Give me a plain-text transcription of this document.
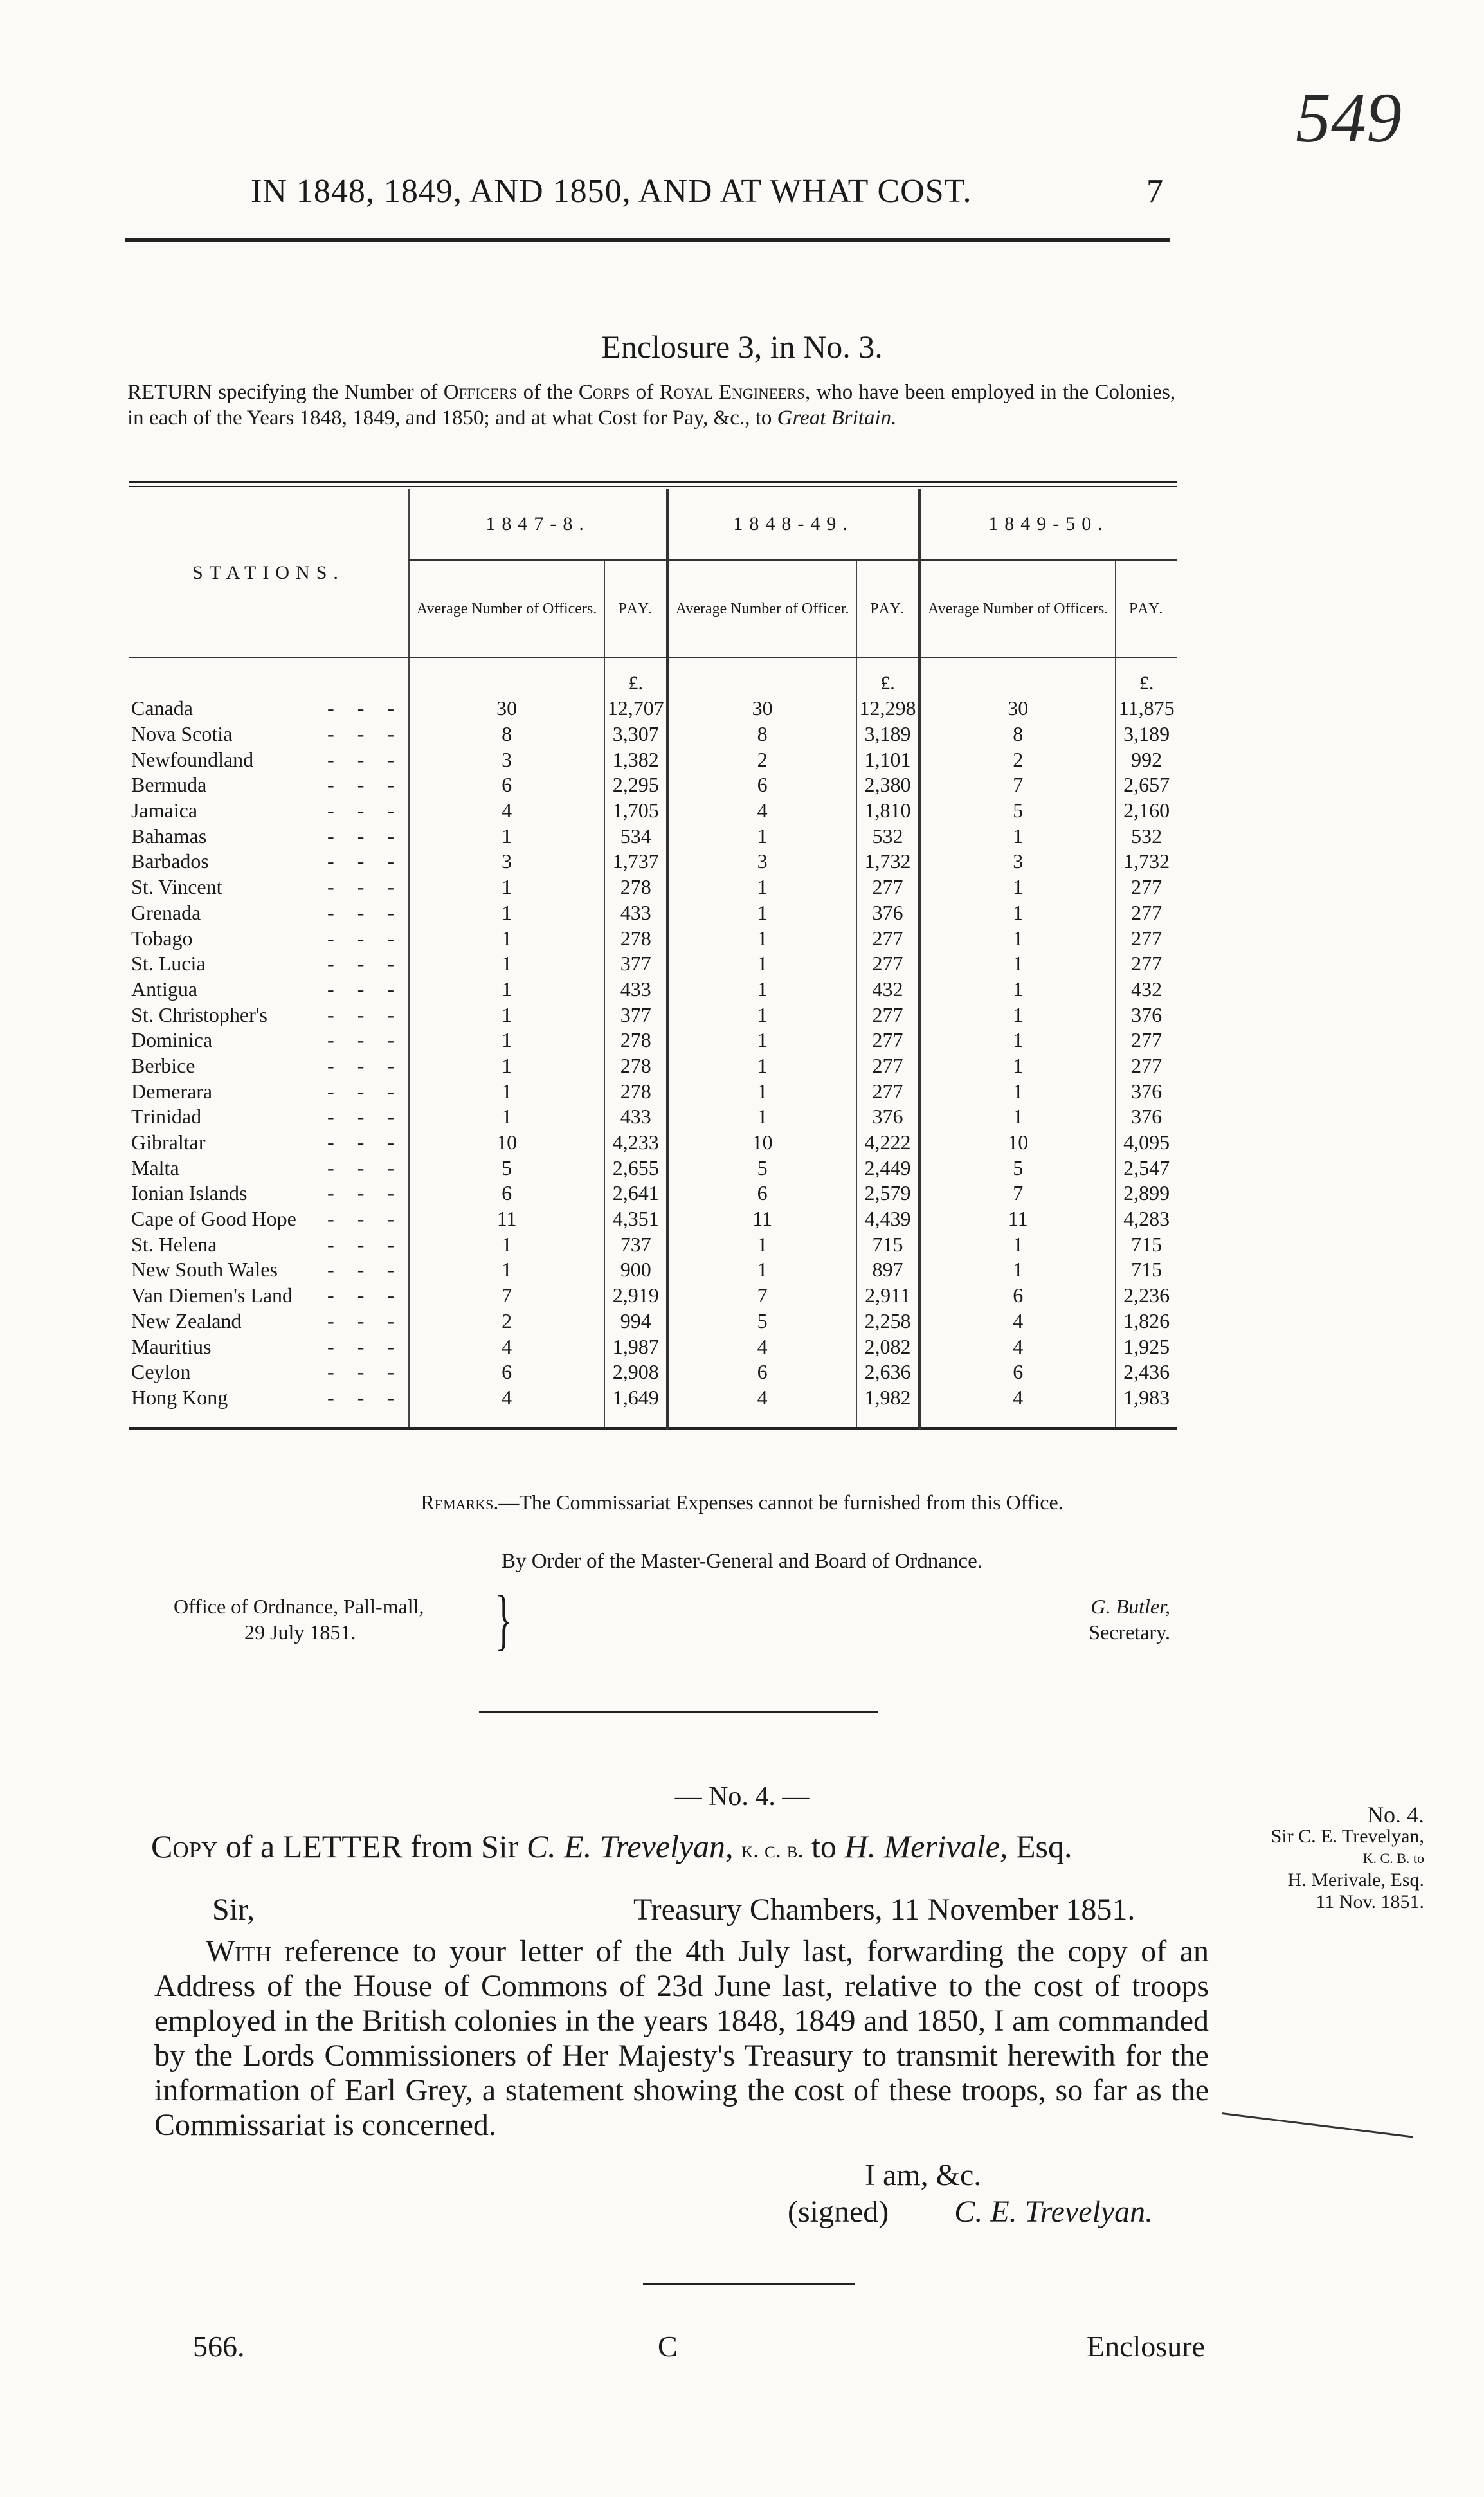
549
IN 1848, 1849, AND 1850, AND AT WHAT COST.	7
Enclosure 3, in No. 3.
RETURN specifying the Number of Officers of the Corps of Royal Engineers, who have been employed in the Colonies, in each of the Years 1848, 1849, and 1850; and at what Cost for Pay, &c., to Great Britain.
STATIONS.	1847-8.		1848-49.		1849-50.	
	Average Number of Officers.	PAY.	Average Number of Officer.	PAY.	Average Number of Officers.	PAY.
		£.		£.		£.
Canada - - -	30	12,707	30	12,298	30	11,875
Nova Scotia - - -	8	3,307	8	3,189	8	3,189
Newfoundland - - -	3	1,382	2	1,101	2	992
Bermuda - - -	6	2,295	6	2,380	7	2,657
Jamaica - - -	4	1,705	4	1,810	5	2,160
Bahamas - - -	1	534	1	532	1	532
Barbados - - -	3	1,737	3	1,732	3	1,732
St. Vincent - - -	1	278	1	277	1	277
Grenada - - -	1	433	1	376	1	277
Tobago - - -	1	278	1	277	1	277
St. Lucia - - -	1	377	1	277	1	277
Antigua - - -	1	433	1	432	1	432
St. Christopher's - - -	1	377	1	277	1	376
Dominica - - -	1	278	1	277	1	277
Berbice - - -	1	278	1	277	1	277
Demerara - - -	1	278	1	277	1	376
Trinidad - - -	1	433	1	376	1	376
Gibraltar - - -	10	4,233	10	4,222	10	4,095
Malta - - -	5	2,655	5	2,449	5	2,547
Ionian Islands - - -	6	2,641	6	2,579	7	2,899
Cape of Good Hope - - -	11	4,351	11	4,439	11	4,283
St. Helena - - -	1	737	1	715	1	715
New South Wales - - -	1	900	1	897	1	715
Van Diemen's Land - - -	7	2,919	7	2,911	6	2,236
New Zealand - - -	2	994	5	2,258	4	1,826
Mauritius - - -	4	1,987	4	2,082	4	1,925
Ceylon - - -	6	2,908	6	2,636	6	2,436
Hong Kong - - -	4	1,649	4	1,982	4	1,983
Remarks.—The Commissariat Expenses cannot be furnished from this Office.
By Order of the Master-General and Board of Ordnance.
Office of Ordnance, Pall-mall,
29 July 1851.	}	G. Butler,
Secretary.
— No. 4. —
Copy of a LETTER from Sir C. E. Trevelyan, k. c. b. to H. Merivale, Esq.
Sir,	Treasury Chambers, 11 November 1851.
With reference to your letter of the 4th July last, forwarding the copy of an Address of the House of Commons of 23d June last, relative to the cost of troops employed in the British colonies in the years 1848, 1849 and 1850, I am commanded by the Lords Commissioners of Her Majesty's Treasury to transmit herewith for the information of Earl Grey, a statement showing the cost of these troops, so far as the Commissariat is concerned.
I am, &c.
(signed) C. E. Trevelyan.
No. 4.
Sir C. E. Trevelyan,
K. C. B. to
H. Merivale, Esq.
11 Nov. 1851.
566.	C	Enclosure
